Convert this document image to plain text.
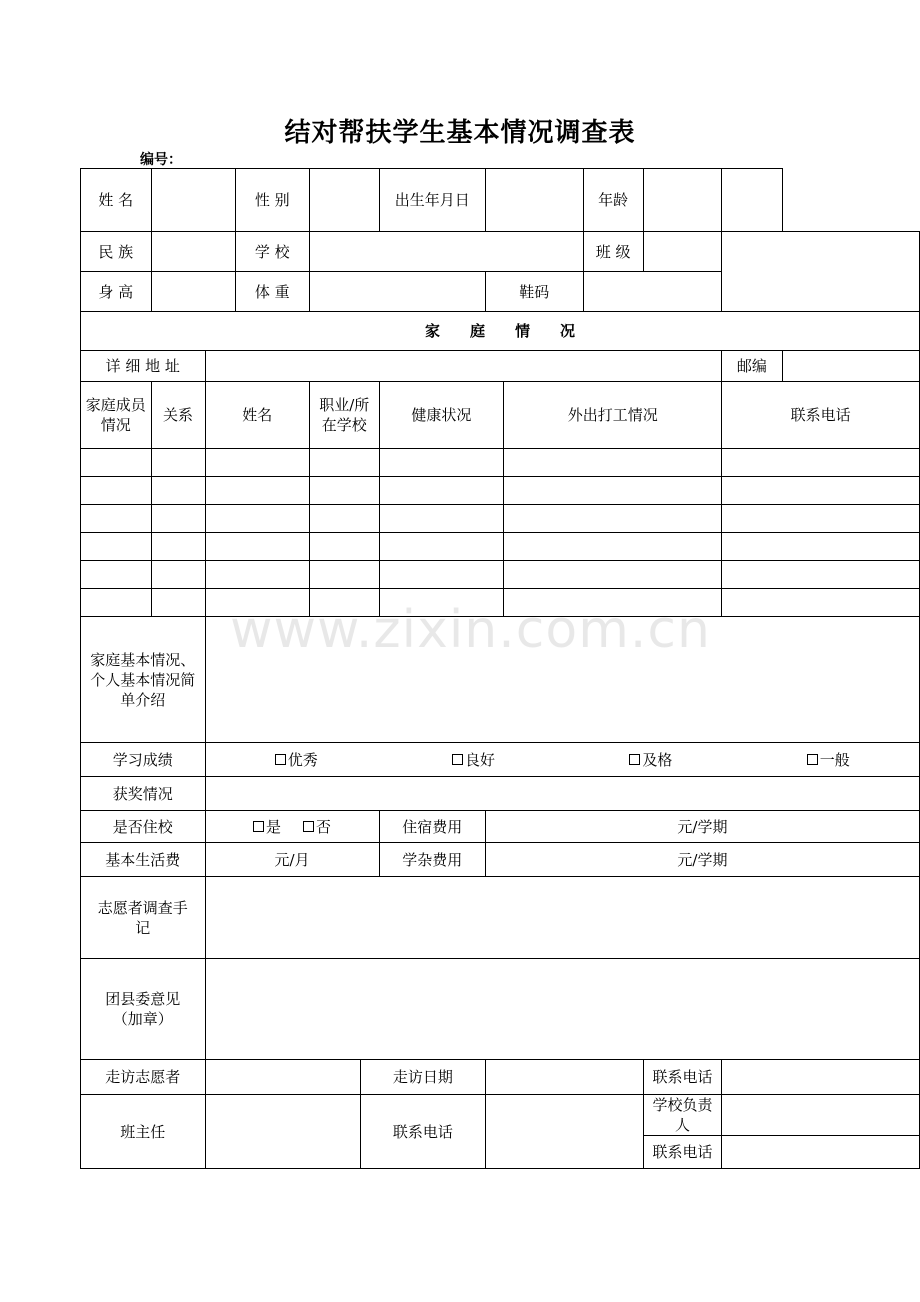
结对帮扶学生基本情况调查表
编号：
www.zixin.com.cn
姓 名			性 别			出生年月日			年龄			
民 族			学 校						班 级			
身 高			体 重				鞋码					
家　　庭　　情　　况												
详 细 地 址											邮编	
家庭成员情况	关系	姓名		职业/所在学校		健康状况		外出打工情况			联系电话	

家庭基本情况、个人基本情况简单介绍												
学习成绩		优秀 良好 及格 一般										

获奖情况												
是否住校		是 否				住宿费用	元/学期					
基本生活费		元/月				学杂费用	元/学期					
志愿者调查手记												
团县委意见（加章）												
走访志愿者					走访日期					联系电话		
班主任					联系电话					学校负责人		
										联系电话		
